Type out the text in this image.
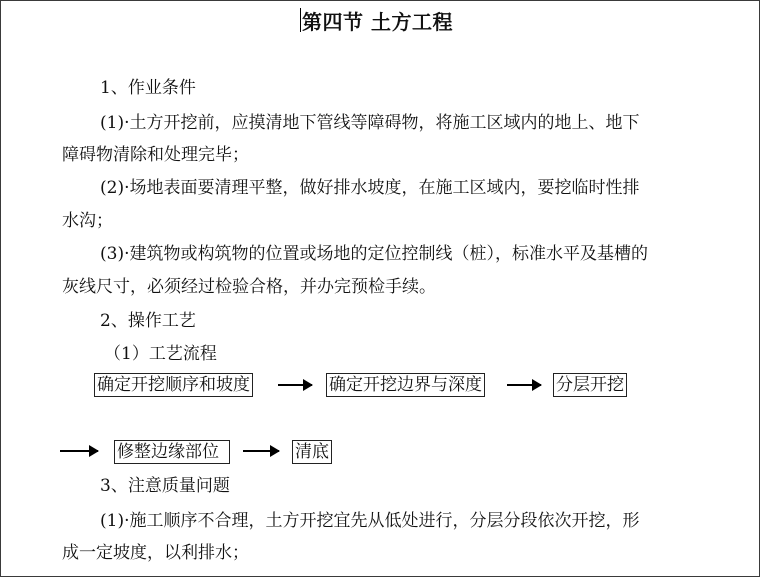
第四节 土方工程
1、作业条件
(1)·土方开挖前，应摸清地下管线等障碍物，将施工区域内的地上、地下
障碍物清除和处理完毕；
(2)·场地表面要清理平整，做好排水坡度，在施工区域内，要挖临时性排
水沟；
(3)·建筑物或构筑物的位置或场地的定位控制线（桩），标准水平及基槽的
灰线尺寸，必须经过检验合格，并办完预检手续。
2、操作工艺
（1）工艺流程
确定开挖顺序和坡度	确定开挖边界与深度	分层开挖
修整边缘部位	清底
3、注意质量问题
(1)·施工顺序不合理，土方开挖宜先从低处进行，分层分段依次开挖，形
成一定坡度，以利排水；
